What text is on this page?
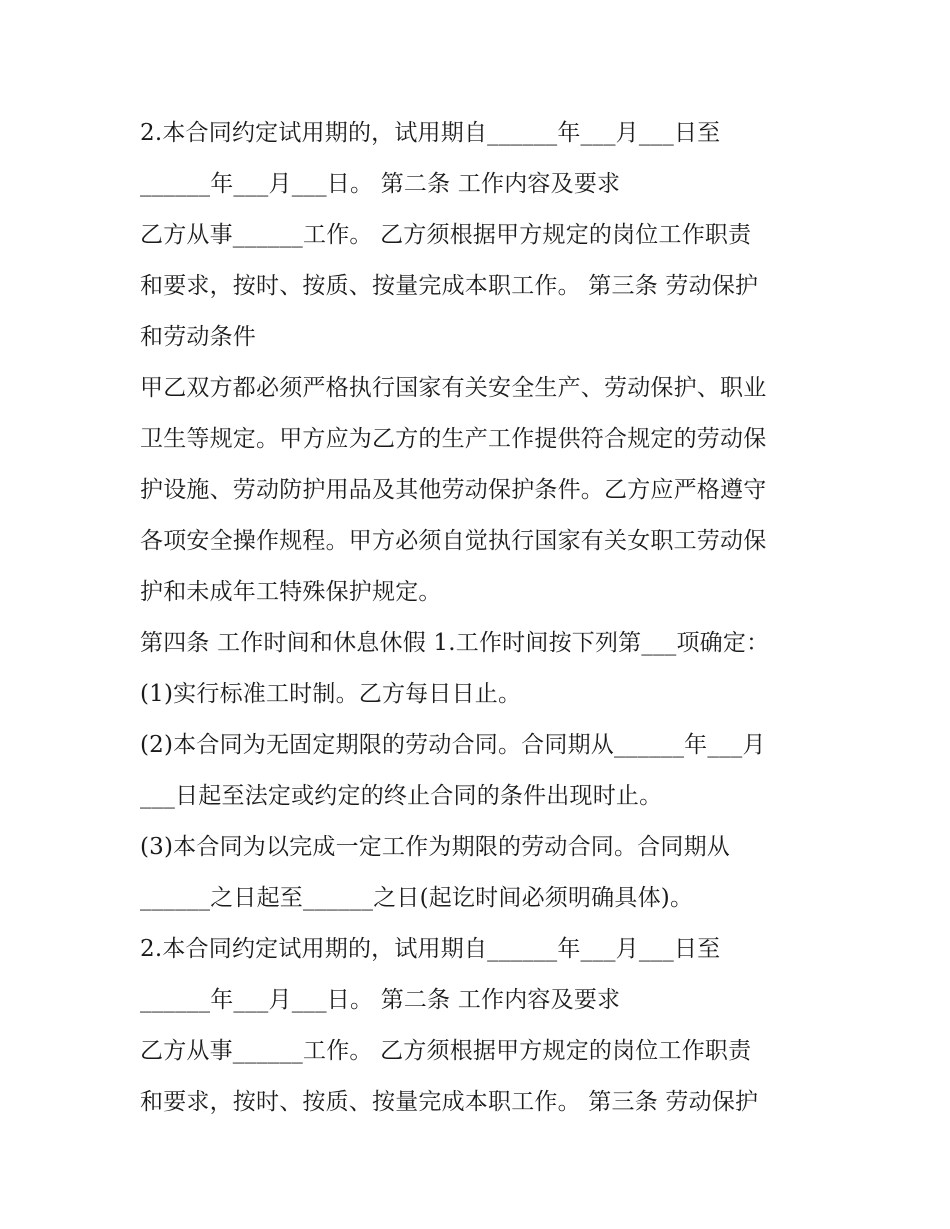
2.本合同约定试用期的，试用期自______年___月___日至
______年___月___日。 第二条 工作内容及要求
乙方从事______工作。 乙方须根据甲方规定的岗位工作职责
和要求，按时、按质、按量完成本职工作。 第三条 劳动保护
和劳动条件
甲乙双方都必须严格执行国家有关安全生产、劳动保护、职业
卫生等规定。甲方应为乙方的生产工作提供符合规定的劳动保
护设施、劳动防护用品及其他劳动保护条件。乙方应严格遵守
各项安全操作规程。甲方必须自觉执行国家有关女职工劳动保
护和未成年工特殊保护规定。
第四条 工作时间和休息休假 1.工作时间按下列第___项确定：
(1)实行标准工时制。乙方每日日止。
(2)本合同为无固定期限的劳动合同。合同期从______年___月
___日起至法定或约定的终止合同的条件出现时止。
(3)本合同为以完成一定工作为期限的劳动合同。合同期从
______之日起至______之日(起讫时间必须明确具体)。
2.本合同约定试用期的，试用期自______年___月___日至
______年___月___日。 第二条 工作内容及要求
乙方从事______工作。 乙方须根据甲方规定的岗位工作职责
和要求，按时、按质、按量完成本职工作。 第三条 劳动保护
